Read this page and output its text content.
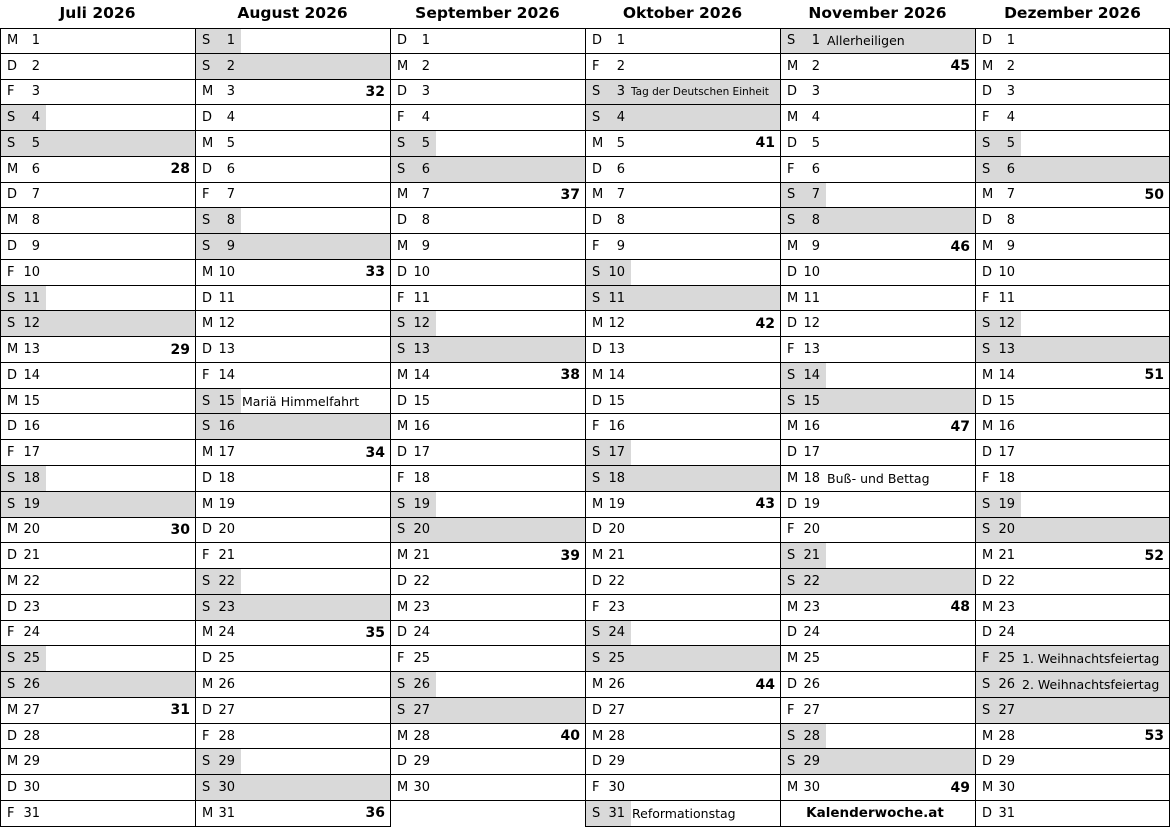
Juli 2026
M	1
D	2
F	3
S	4
S	5
M	6	28
D	7
M	8
D	9
F 10
S 11
S 12
M 13	29
D 14
M 15
D 16
F 17
S 18
S 19
M 20	30
D 21
M 22
D 23
F 24
S 25
S 26
M 27	31
D 28
M 29
D 30
F 31
August 2026
S	1
S	2
M	3	32
D	4
M	5
D	6
F	7
S	8
S	9
M 10	33
D 11
M 12
D 13
F 14
S 15 Mariä Himmelfahrt
S 16
M 17	34
D 18
M 19
D 20
F 21
S 22
S 23
M 24	35
D 25
M 26
D 27
F 28
S 29
S 30
M 31	36
September 2026
D	1
M	2
D	3
F	4
S	5
S	6
M	7	37
D	8
M	9
D 10
F 11
S 12
S 13
M 14	38
D 15
M 16
D 17
F 18
S 19
S 20
M 21	39
D 22
M 23
D 24
F 25
S 26
S 27
M 28	40
D 29
M 30
Oktober 2026
D	1
F	2
S	3 Tag der Deutschen Einheit
S	4
M	5	41
D	6
M	7
D	8
F	9
S 10
S 11
M 12	42
D 13
M 14
D 15
F 16
S 17
S 18
M 19	43
D 20
M 21
D 22
F 23
S 24
S 25
M 26	44
D 27
M 28
D 29
F 30
S 31 Reformationstag
November 2026
S	1 Allerheiligen
M	2	45
D	3
M	4
D	5
F	6
S	7
S	8
M	9	46
D 10
M 11
D 12
F 13
S 14
S 15
M 16	47
D 17
M 18 Buß- und Bettag
D 19
F 20
S 21
S 22
M 23	48
D 24
M 25
D 26
F 27
S 28
S 29
M 30	49
Kalenderwoche.at
Dezember 2026
D	1
M	2
D	3
F	4
S	5
S	6
M	7	50
D	8
M	9
D 10
F 11
S 12
S 13
M 14	51
D 15
M 16
D 17
F 18
S 19
S 20
M 21	52
D 22
M 23
D 24
F 25 1. Weihnachtsfeiertag
S 26 2. Weihnachtsfeiertag
S 27
M 28	53
D 29
M 30
D 31
